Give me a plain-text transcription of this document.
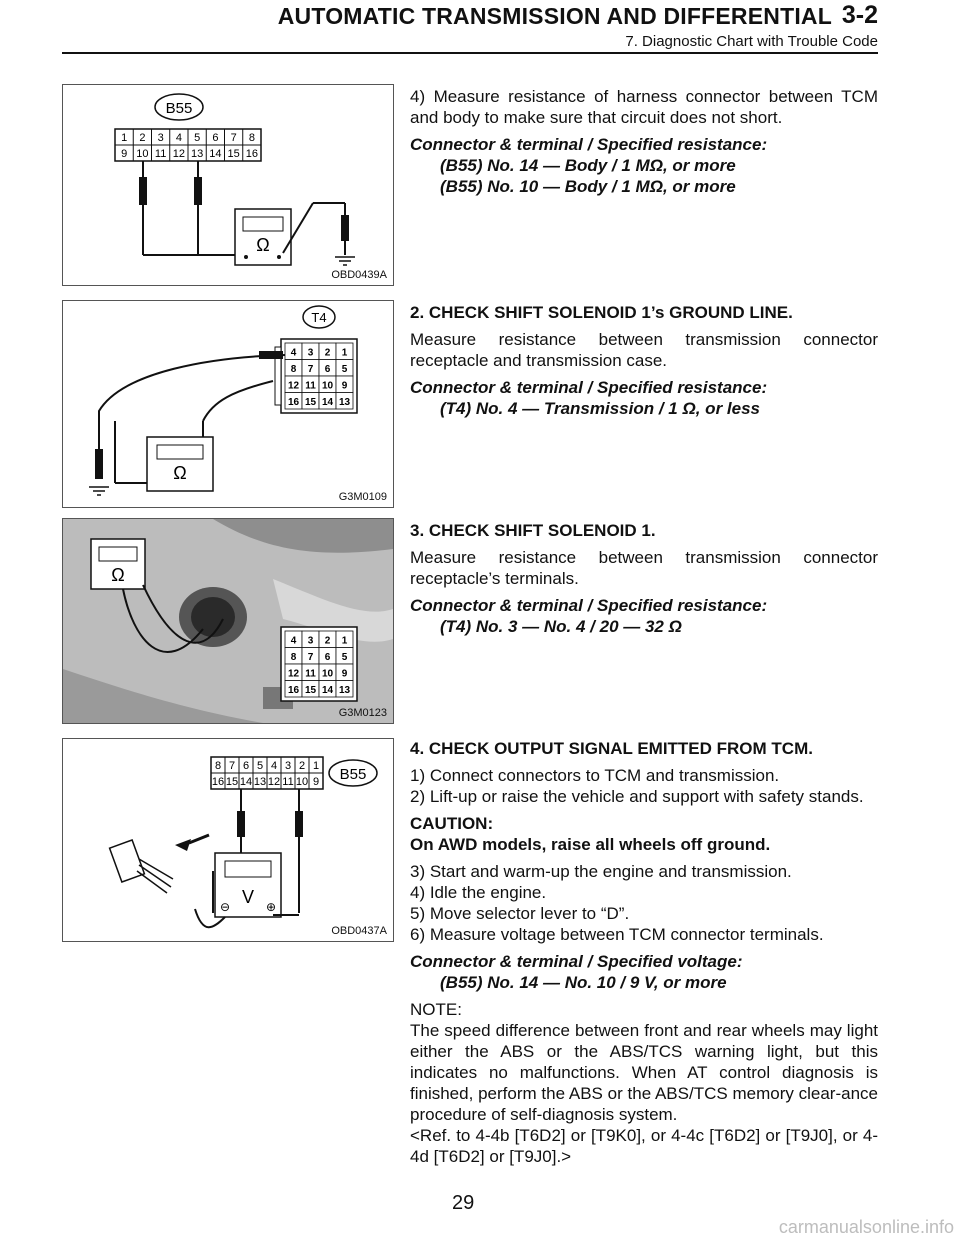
AUTOMATIC TRANSMISSION AND DIFFERENTIAL 3-2
7. Diagnostic Chart with Trouble Code
B55
1 2 3 4 5 6 7 8
9 10 11 12 13 14 15 16
Ω
OBD0439A
T4
4 3 2 1
8 7 6 5
12 11 10 9
16 15 14 13
Ω
G3M0109
Ω
4 3 2 1
8 7 6 5
12 11 10 9
16 15 14 13
G3M0123
8 7 6 5 4 3 2 1
16 15 14 13 12 11 10 9 B55
V
⊖	⊕
OBD0437A

4) Measure resistance of harness connector between TCM and body to make sure that circuit does not short.

Connector & terminal / Specified resistance:

(B55) No. 14 — Body / 1 MΩ, or more

(B55) No. 10 — Body / 1 MΩ, or more

2. CHECK SHIFT SOLENOID 1’s GROUND LINE.

Measure resistance between transmission connector receptacle and transmission case.

Connector & terminal / Specified resistance:

(T4) No. 4 — Transmission / 1 Ω, or less

3. CHECK SHIFT SOLENOID 1.

Measure resistance between transmission connector receptacle’s terminals.

Connector & terminal / Specified resistance:

(T4) No. 3 — No. 4 / 20 — 32 Ω

4. CHECK OUTPUT SIGNAL EMITTED FROM TCM.

1) Connect connectors to TCM and transmission.

2) Lift-up or raise the vehicle and support with safety stands.

CAUTION:

On AWD models, raise all wheels off ground.

3) Start and warm-up the engine and transmission.

4) Idle the engine.

5) Move selector lever to “D”.

6) Measure voltage between TCM connector terminals.

Connector & terminal / Specified voltage:

(B55) No. 14 — No. 10 / 9 V, or more

NOTE:

The speed difference between front and rear wheels may light either the ABS or the ABS/TCS warning light, but this indicates no malfunctions. When AT control diagnosis is finished, perform the ABS or the ABS/TCS memory clear-ance procedure of self-diagnosis system.

<Ref. to 4-4b [T6D2] or [T9K0], or 4-4c [T6D2] or [T9J0], or 4-4d [T6D2] or [T9J0].>

29
carmanualsonline.info
